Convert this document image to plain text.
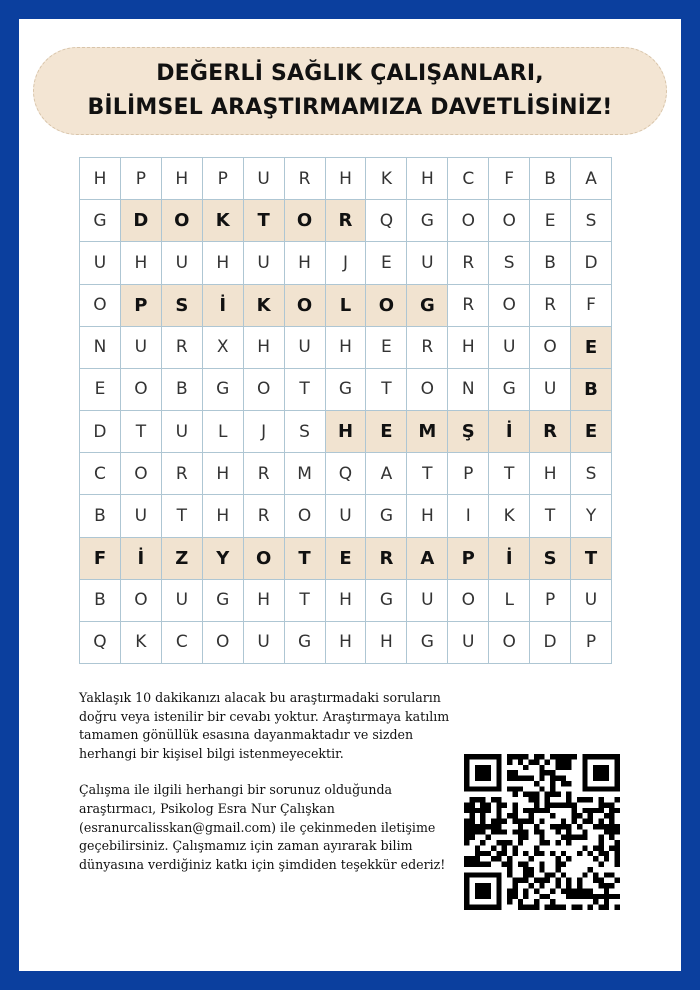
DEĞERLİ SAĞLIK ÇALIŞANLARI,
BİLİMSEL ARAŞTIRMAMIZA DAVETLİSİNİZ!
H	P	H	P	U	R	H	K	H	C	F	B	A
G	D	O	K	T	O	R	Q	G	O	O	E	S
U	H	U	H	U	H	J	E	U	R	S	B	D
O	P	S	İ	K	O	L	O	G	R	O	R	F
N	U	R	X	H	U	H	E	R	H	U	O	E
E	O	B	G	O	T	G	T	O	N	G	U	B
D	T	U	L	J	S	H	E	M	Ş	İ	R	E
C	O	R	H	R	M	Q	A	T	P	T	H	S
B	U	T	H	R	O	U	G	H	I	K	T	Y
F	İ	Z	Y	O	T	E	R	A	P	İ	S	T
B	O	U	G	H	T	H	G	U	O	L	P	U
Q	K	C	O	U	G	H	H	G	U	O	D	P

Yaklaşık 10 dakikanızı alacak bu araştırmadaki soruların doğru veya istenilir bir cevabı yoktur. Araştırmaya katılım tamamen gönüllük esasına dayanmaktadır ve sizden herhangi bir kişisel bilgi istenmeyecektir.

Çalışma ile ilgili herhangi bir sorunuz olduğunda araştırmacı, Psikolog Esra Nur Çalışkan (esranurcalisskan@gmail.com) ile çekinmeden iletişime geçebilirsiniz. Çalışmamız için zaman ayırarak bilim dünyasına verdiğiniz katkı için şimdiden teşekkür ederiz!
